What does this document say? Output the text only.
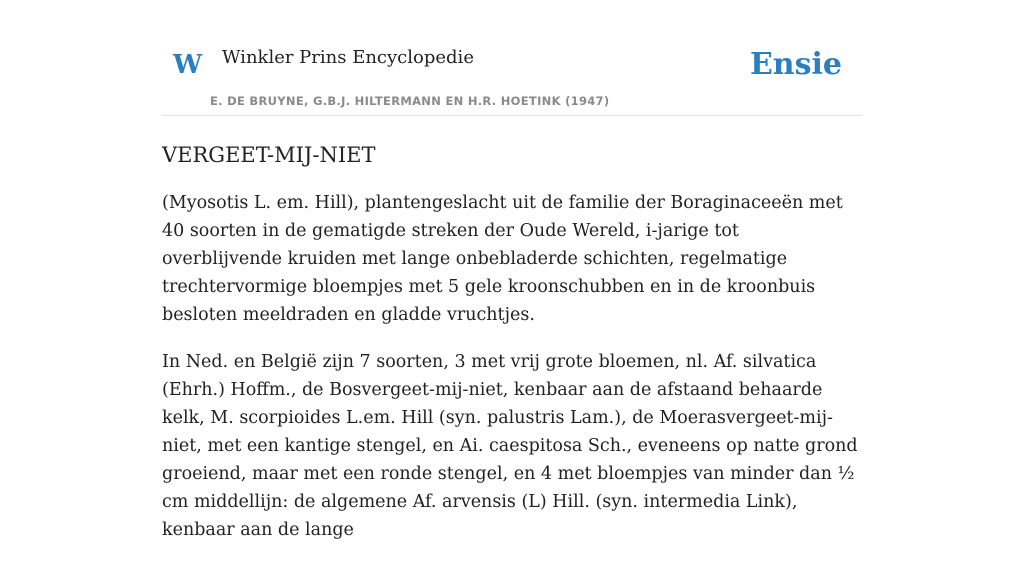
W Winkler Prins Encyclopedie
E. DE BRUYNE, G.B.J. HILTERMANN EN H.R. HOETINK (1947)
Ensie
VERGEET-MIJ-NIET

(Myosotis L. em. Hill), plantengeslacht uit de familie der Boraginaceeën met 40 soorten in de gematigde streken der Oude Wereld, i-jarige tot overblijvende kruiden met lange onbebladerde schichten, regelmatige trechtervormige bloempjes met 5 gele kroonschubben en in de kroonbuis besloten meeldraden en gladde vruchtjes.

In Ned. en België zijn 7 soorten, 3 met vrij grote bloemen, nl. Af. silvatica (Ehrh.) Hoffm., de Bosvergeet-mij-niet, kenbaar aan de afstaand behaarde kelk, M. scorpioides L.em. Hill (syn. palustris Lam.), de Moerasvergeet-mij-niet, met een kantige stengel, en Ai. caespitosa Sch., eveneens op natte grond groeiend, maar met een ronde stengel, en 4 met bloempjes van minder dan ½ cm middellijn: de algemene Af. arvensis (L) Hill. (syn. intermedia Link), kenbaar aan de lange
